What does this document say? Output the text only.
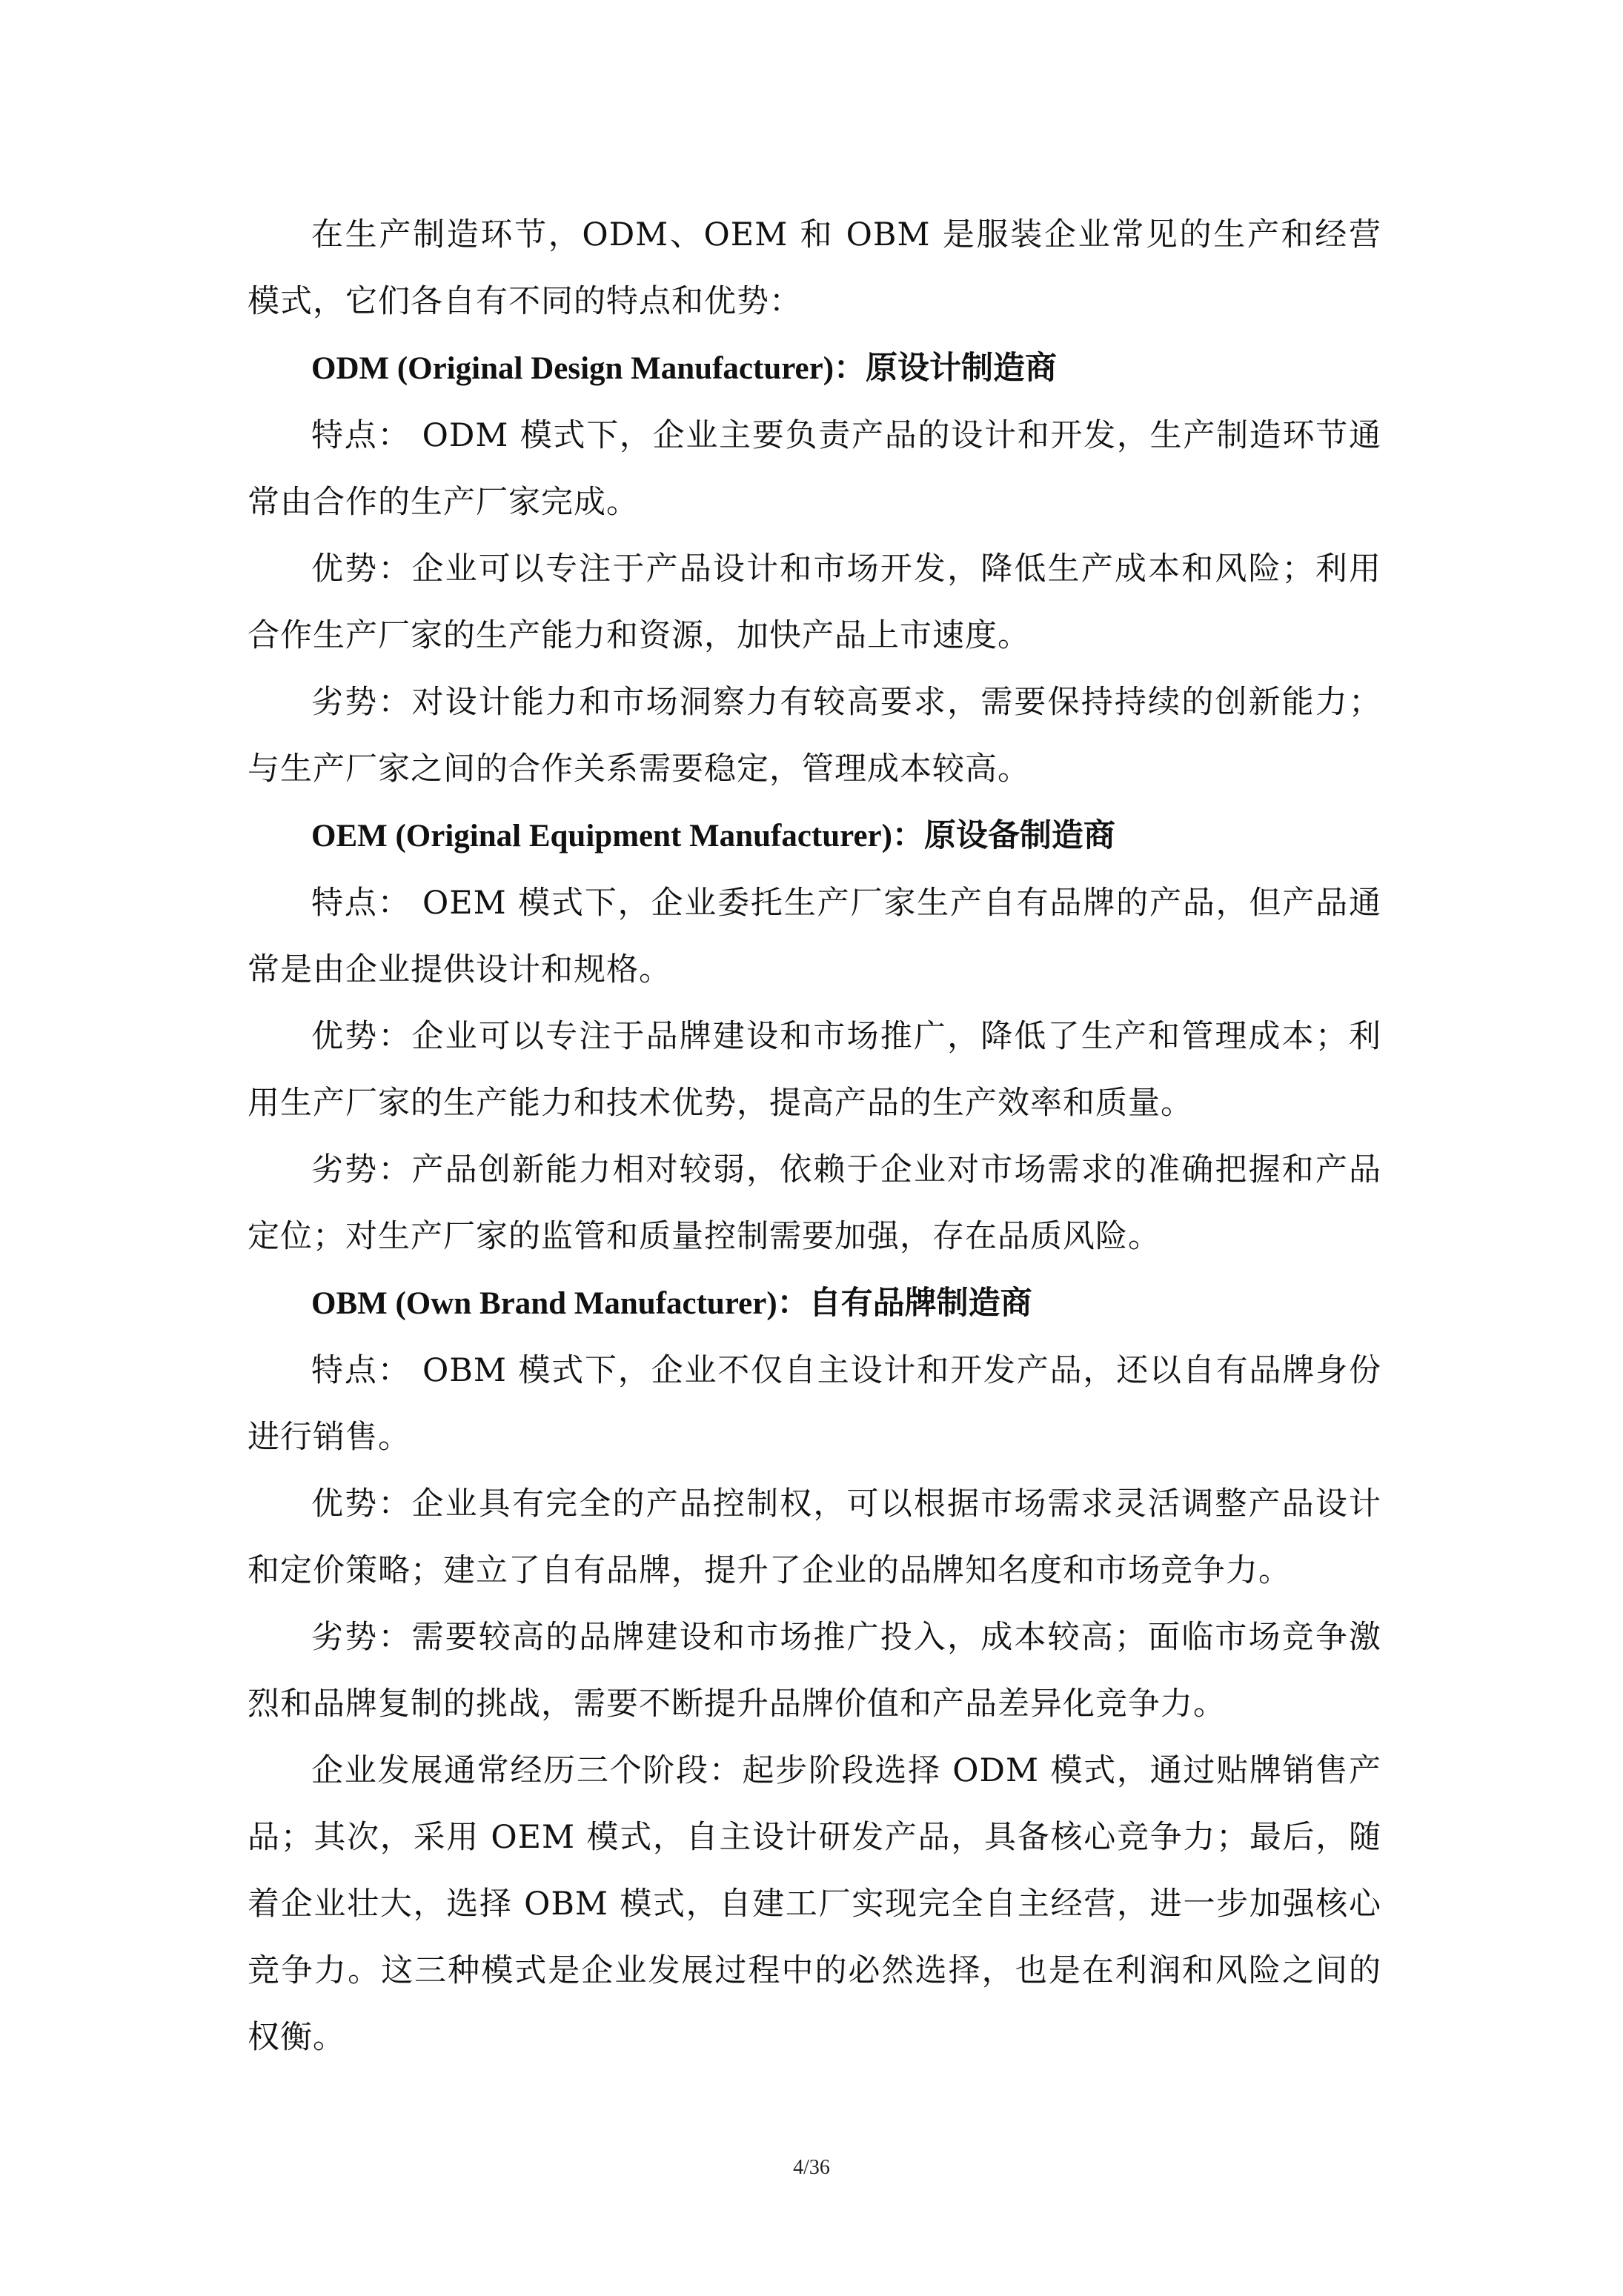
在生产制造环节，ODM、OEM 和 OBM 是服装企业常见的生产和经营模式，它们各自有不同的特点和优势：

ODM (Original Design Manufacturer)：原设计制造商

特点： ODM 模式下，企业主要负责产品的设计和开发，生产制造环节通常由合作的生产厂家完成。

优势：企业可以专注于产品设计和市场开发，降低生产成本和风险；利用合作生产厂家的生产能力和资源，加快产品上市速度。

劣势：对设计能力和市场洞察力有较高要求，需要保持持续的创新能力；与生产厂家之间的合作关系需要稳定，管理成本较高。

OEM (Original Equipment Manufacturer)：原设备制造商

特点： OEM 模式下，企业委托生产厂家生产自有品牌的产品，但产品通常是由企业提供设计和规格。

优势：企业可以专注于品牌建设和市场推广，降低了生产和管理成本；利用生产厂家的生产能力和技术优势，提高产品的生产效率和质量。

劣势：产品创新能力相对较弱，依赖于企业对市场需求的准确把握和产品定位；对生产厂家的监管和质量控制需要加强，存在品质风险。

OBM (Own Brand Manufacturer)：自有品牌制造商

特点： OBM 模式下，企业不仅自主设计和开发产品，还以自有品牌身份进行销售。

优势：企业具有完全的产品控制权，可以根据市场需求灵活调整产品设计和定价策略；建立了自有品牌，提升了企业的品牌知名度和市场竞争力。

劣势：需要较高的品牌建设和市场推广投入，成本较高；面临市场竞争激烈和品牌复制的挑战，需要不断提升品牌价值和产品差异化竞争力。

企业发展通常经历三个阶段：起步阶段选择 ODM 模式，通过贴牌销售产品；其次，采用 OEM 模式，自主设计研发产品，具备核心竞争力；最后，随着企业壮大，选择 OBM 模式，自建工厂实现完全自主经营，进一步加强核心竞争力。这三种模式是企业发展过程中的必然选择，也是在利润和风险之间的权衡。

4/36
